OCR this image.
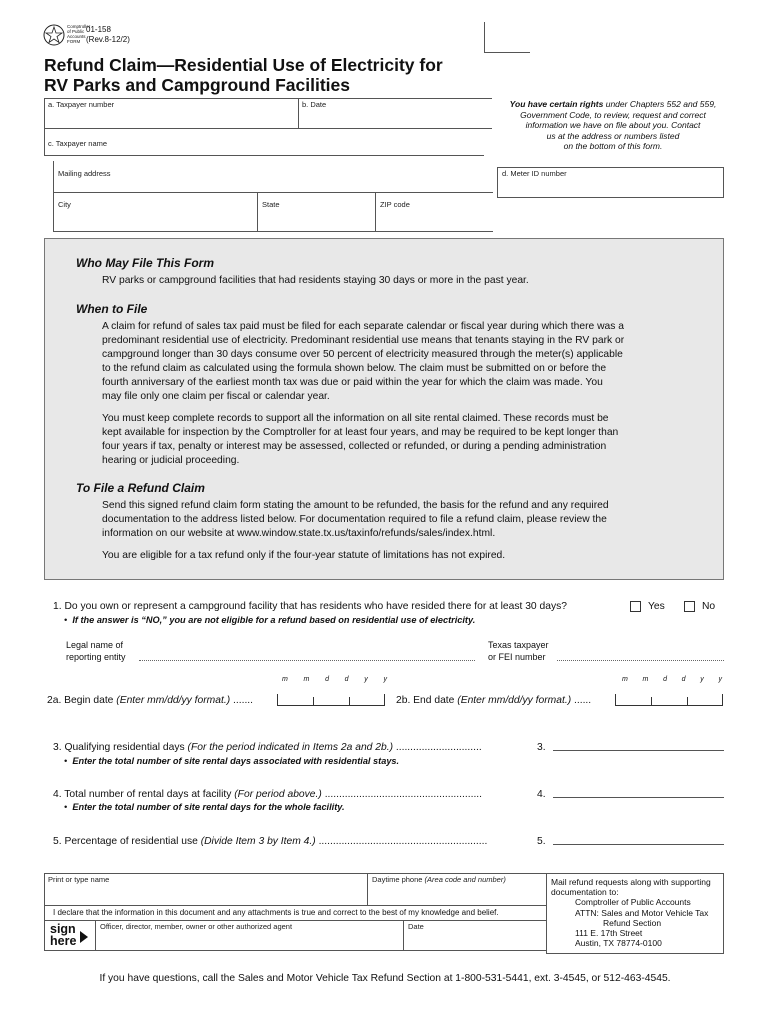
Comptroller
of Public
Accounts
FORM
01-158
(Rev.8-12/2)
Refund Claim—Residential Use of Electricity for
RV Parks and Campground Facilities
a. Taxpayer number	b. Date
c. Taxpayer name
Mailing address
City	State	ZIP code
You have certain rights under Chapters 552 and 559,
Government Code, to review, request and correct
information we have on file about you. Contact
us at the address or numbers listed
on the bottom of this form.
d. Meter ID number
Who May File This Form
RV parks or campground facilities that had residents staying 30 days or more in the past year.
When to File
A claim for refund of sales tax paid must be filed for each separate calendar or fiscal year during which there was a
predominant residential use of electricity. Predominant residential use means that tenants staying in the RV park or
campground longer than 30 days consume over 50 percent of electricity measured through the meter(s) applicable
to the refund claim as calculated using the formula shown below. The claim must be submitted on or before the
fourth anniversary of the earliest month tax was due or paid within the year for which the claim was made. You
may file only one claim per fiscal or calendar year.
You must keep complete records to support all the information on all site rental claimed. These records must be
kept available for inspection by the Comptroller for at least four years, and may be required to be kept longer than
four years if tax, penalty or interest may be assessed, collected or refunded, or during a pending administration
hearing or judicial proceeding.
To File a Refund Claim
Send this signed refund claim form stating the amount to be refunded, the basis for the refund and any required
documentation to the address listed below. For documentation required to file a refund claim, please review the
information on our website at www.window.state.tx.us/taxinfo/refunds/sales/index.html.
You are eligible for a tax refund only if the four-year statute of limitations has not expired.
1. Do you own or represent a campground facility that has residents who have resided there for at least 30 days?	Yes	No
•  If the answer is “NO,” you are not eligible for a refund based on residential use of electricity.
Legal name of
reporting entity
Texas taxpayer
or FEI number
m m d d y y	m m d d y y
2a. Begin date (Enter mm/dd/yy format.) .......	2b. End date (Enter mm/dd/yy format.) ......
3. Qualifying residential days (For the period indicated in Items 2a and 2b.) ..............................	3.
•  Enter the total number of site rental days associated with residential stays.
4. Total number of rental days at facility (For period above.) .......................................................	4.
•  Enter the total number of site rental days for the whole facility.
5. Percentage of residential use (Divide Item 3 by Item 4.) ...........................................................	5.
Print or type name	Daytime phone (Area code and number)
I declare that the information in this document and any attachments is true and correct to the best of my knowledge and belief.
sign
here
Officer, director, member, owner or other authorized agent	Date
Mail refund requests along with supporting
documentation to:
Comptroller of Public Accounts
ATTN: Sales and Motor Vehicle Tax
Refund Section
111 E. 17th Street
Austin, TX 78774-0100
If you have questions, call the Sales and Motor Vehicle Tax Refund Section at 1-800-531-5441, ext. 3-4545, or 512-463-4545.
